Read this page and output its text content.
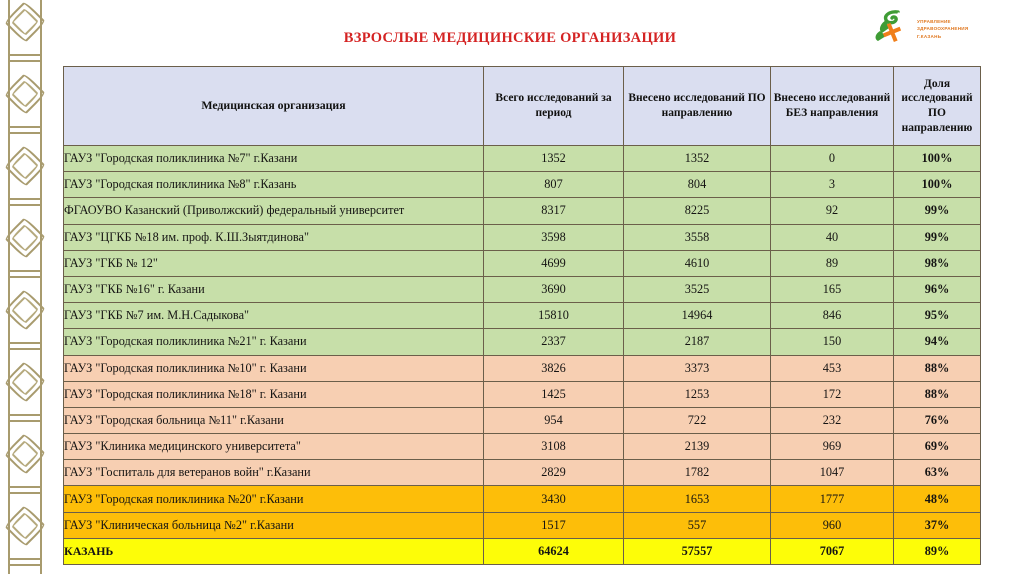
ВЗРОСЛЫЕ МЕДИЦИНСКИЕ ОРГАНИЗАЦИИ
УПРАВЛЕНИЕ
ЗДРАВООХРАНЕНИЯ
Г.КАЗАНЬ
Медицинская организация	Всего исследований за период	Внесено исследований ПО направлению	Внесено исследований БЕЗ направления	Доля исследований ПО направлению
ГАУЗ "Городская поликлиника №7" г.Казани	1352	1352	0	100%
ГАУЗ "Городская поликлиника №8" г.Казань	807	804	3	100%
ФГАОУВО Казанский (Приволжский) федеральный университет	8317	8225	92	99%
ГАУЗ "ЦГКБ №18 им. проф. К.Ш.Зыятдинова"	3598	3558	40	99%
ГАУЗ "ГКБ № 12"	4699	4610	89	98%
ГАУЗ "ГКБ №16" г. Казани	3690	3525	165	96%
ГАУЗ "ГКБ №7 им. М.Н.Садыкова"	15810	14964	846	95%
ГАУЗ "Городская поликлиника №21" г. Казани	2337	2187	150	94%
ГАУЗ "Городская поликлиника №10" г. Казани	3826	3373	453	88%
ГАУЗ "Городская поликлиника №18" г. Казани	1425	1253	172	88%
ГАУЗ "Городская больница №11" г.Казани	954	722	232	76%
ГАУЗ "Клиника медицинского университета"	3108	2139	969	69%
ГАУЗ "Госпиталь для ветеранов войн" г.Казани	2829	1782	1047	63%
ГАУЗ "Городская поликлиника №20" г.Казани	3430	1653	1777	48%
ГАУЗ "Клиническая больница №2" г.Казани	1517	557	960	37%
КАЗАНЬ	64624	57557	7067	89%
